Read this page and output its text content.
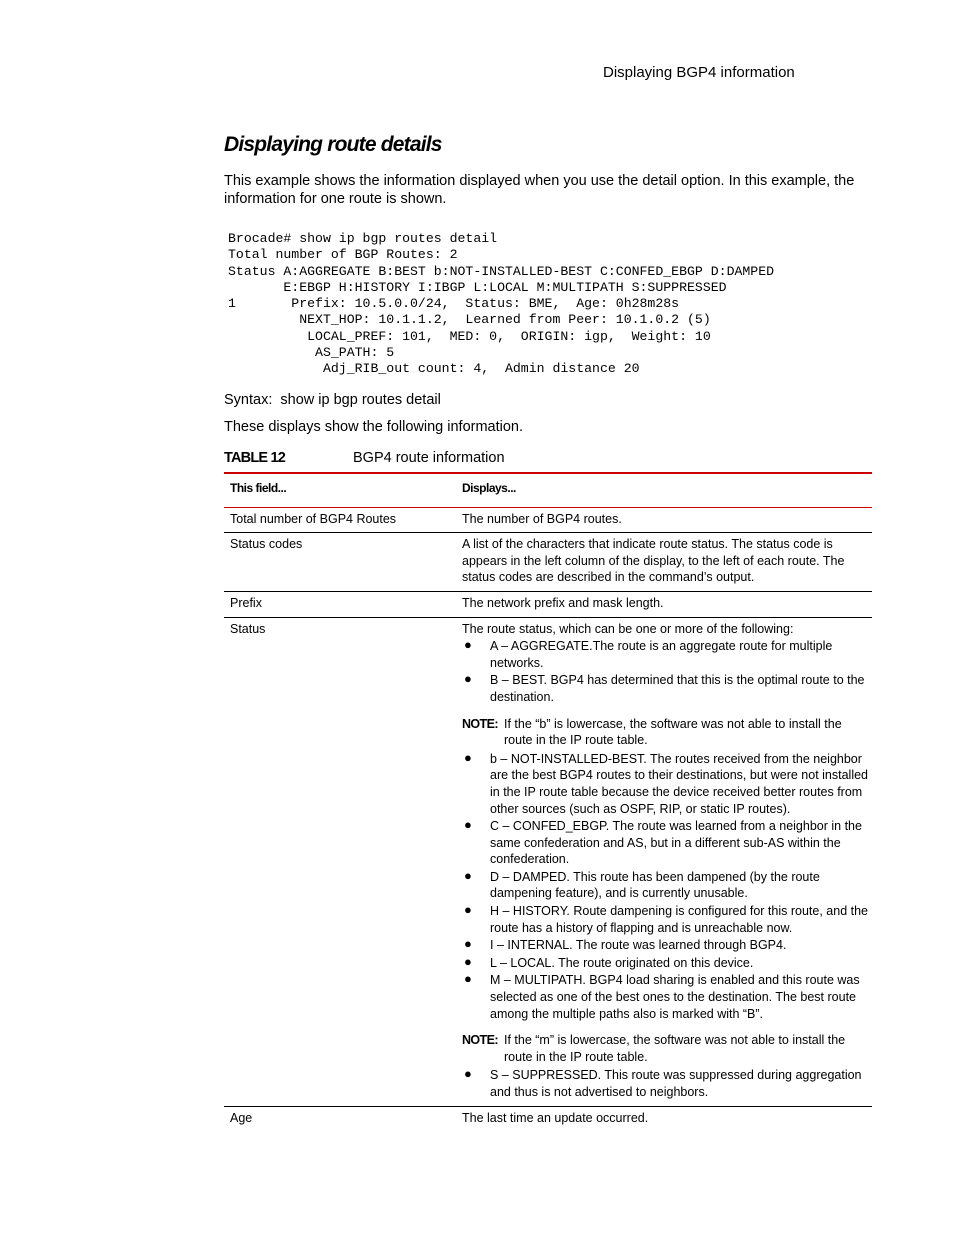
Displaying BGP4 information
Displaying route details
This example shows the information displayed when you use the detail option. In this example, the information for one route is shown.
Brocade# show ip bgp routes detail
Total number of BGP Routes: 2
Status A:AGGREGATE B:BEST b:NOT-INSTALLED-BEST C:CONFED_EBGP D:DAMPED
E:EBGP H:HISTORY I:IBGP L:LOCAL M:MULTIPATH S:SUPPRESSED
1       Prefix: 10.5.0.0/24,  Status: BME,  Age: 0h28m28s
NEXT_HOP: 10.1.1.2,  Learned from Peer: 10.1.0.2 (5)
LOCAL_PREF: 101,  MED: 0,  ORIGIN: igp,  Weight: 10
AS_PATH: 5
Adj_RIB_out count: 4,  Admin distance 20
Syntax: show ip bgp routes detail
These displays show the following information.
TABLE 12	BGP4 route information
This field...	Displays...
Total number of BGP4 Routes	The number of BGP4 routes.
Status codes	A list of the characters that indicate route status. The status code is appears in the left column of the display, to the left of each route. The status codes are described in the command’s output.
Prefix	The network prefix and mask length.
Status	The route status, which can be one or more of the following:
●	A – AGGREGATE.The route is an aggregate route for multiple networks.
●	B – BEST. BGP4 has determined that this is the optimal route to the destination.
NOTE: If the “b” is lowercase, the software was not able to install the
route in the IP route table.
●	b – NOT-INSTALLED-BEST. The routes received from the neighbor are the best BGP4 routes to their destinations, but were not installed in the IP route table because the device received better routes from other sources (such as OSPF, RIP, or static IP routes).
●	C – CONFED_EBGP. The route was learned from a neighbor in the same confederation and AS, but in a different sub-AS within the confederation.
●	D – DAMPED. This route has been dampened (by the route dampening feature), and is currently unusable.
●	H – HISTORY. Route dampening is configured for this route, and the route has a history of flapping and is unreachable now.
●	I – INTERNAL. The route was learned through BGP4.
●	L – LOCAL. The route originated on this device.
●	M – MULTIPATH. BGP4 load sharing is enabled and this route was selected as one of the best ones to the destination. The best route among the multiple paths also is marked with “B”.
NOTE: If the “m” is lowercase, the software was not able to install the
route in the IP route table.
●	S – SUPPRESSED. This route was suppressed during aggregation and thus is not advertised to neighbors.
Age	The last time an update occurred.
